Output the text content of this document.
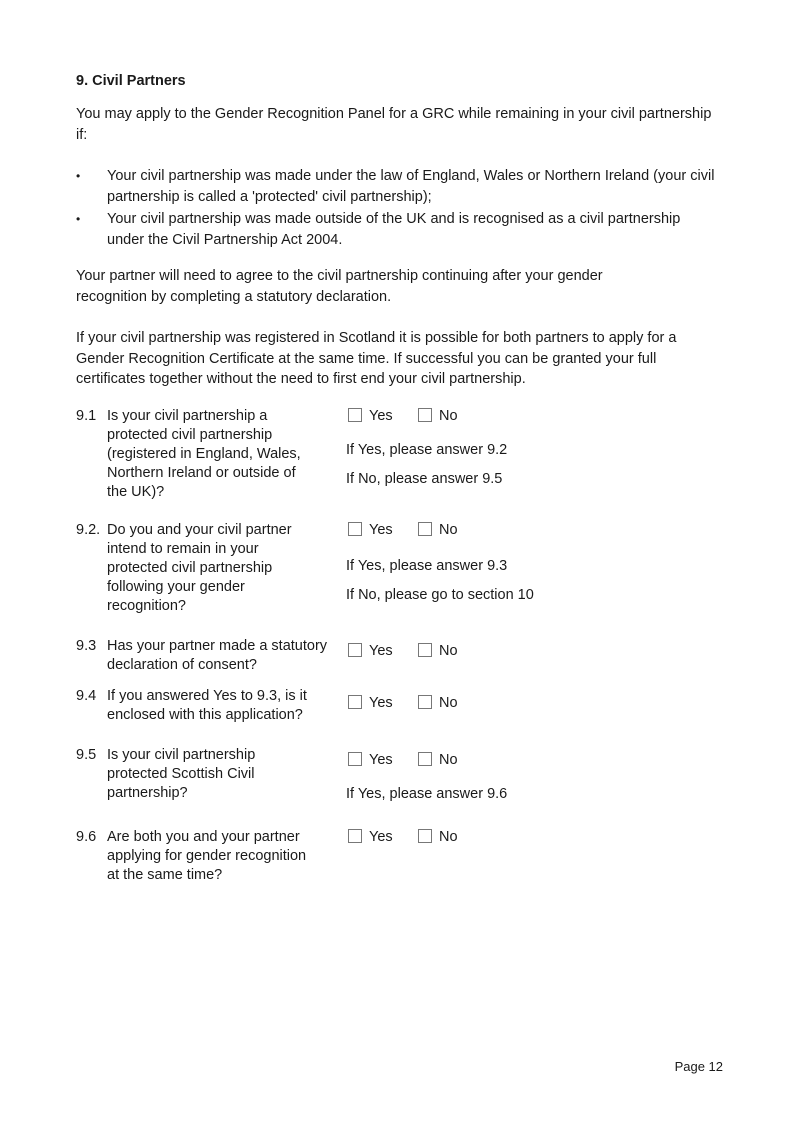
9. Civil Partners

You may apply to the Gender Recognition Panel for a GRC while remaining in your civil partnership if:

• Your civil partnership was made under the law of England, Wales or Northern Ireland (your civil partnership is called a 'protected' civil partnership);
• Your civil partnership was made outside of the UK and is recognised as a civil partnership under the Civil Partnership Act 2004.

Your partner will need to agree to the civil partnership continuing after your gender recognition by completing a statutory declaration.

If your civil partnership was registered in Scotland it is possible for both partners to apply for a Gender Recognition Certificate at the same time. If successful you can be granted your full certificates together without the need to first end your civil partnership.

9.1 Is your civil partnership a protected civil partnership (registered in England, Wales, Northern Ireland or outside of the UK)?
Yes	No
If Yes, please answer 9.2
If No, please answer 9.5
9.2. Do you and your civil partner intend to remain in your protected civil partnership following your gender recognition?
Yes	No
If Yes, please answer 9.3
If No, please go to section 10
9.3 Has your partner made a statutory declaration of consent?
Yes	No
9.4 If you answered Yes to 9.3, is it enclosed with this application?
Yes	No
9.5 Is your civil partnership protected Scottish Civil partnership?
Yes	No
If Yes, please answer 9.6
9.6 Are both you and your partner applying for gender recognition at the same time?
Yes	No
Page 12
